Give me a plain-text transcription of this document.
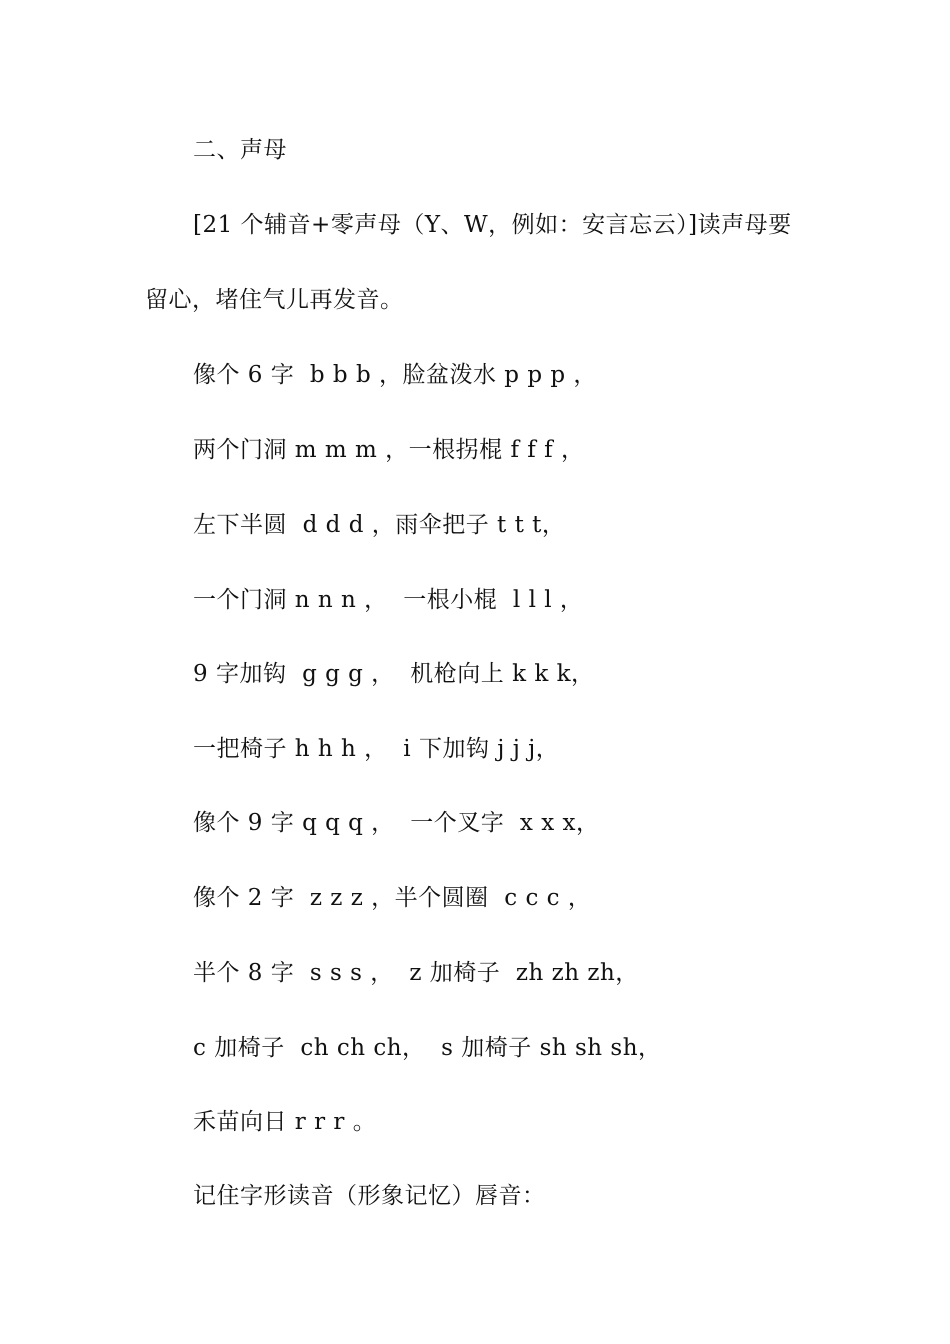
二、声母
[21 个辅音+零声母（Y、W，例如：安言忘云）]读声母要
留心，堵住气儿再发音。
像个 6 字  b b b ，脸盆泼水 p p p ，
两个门洞 m m m ，一根拐棍 f f f ，
左下半圆  d d d ，雨伞把子 t t t，
一个门洞 n n n ，  一根小棍  l l l ，
9 字加钩  g g g ，  机枪向上 k k k，
一把椅子 h h h ，  i 下加钩 j j j，
像个 9 字 q q q ，  一个叉字  x x x，
像个 2 字  z z z ，半个圆圈  c c c ，
半个 8 字  s s s ，  z 加椅子  zh zh zh，
c 加椅子  ch ch ch，  s 加椅子 sh sh sh，
禾苗向日 r r r 。
记住字形读音（形象记忆）唇音：
